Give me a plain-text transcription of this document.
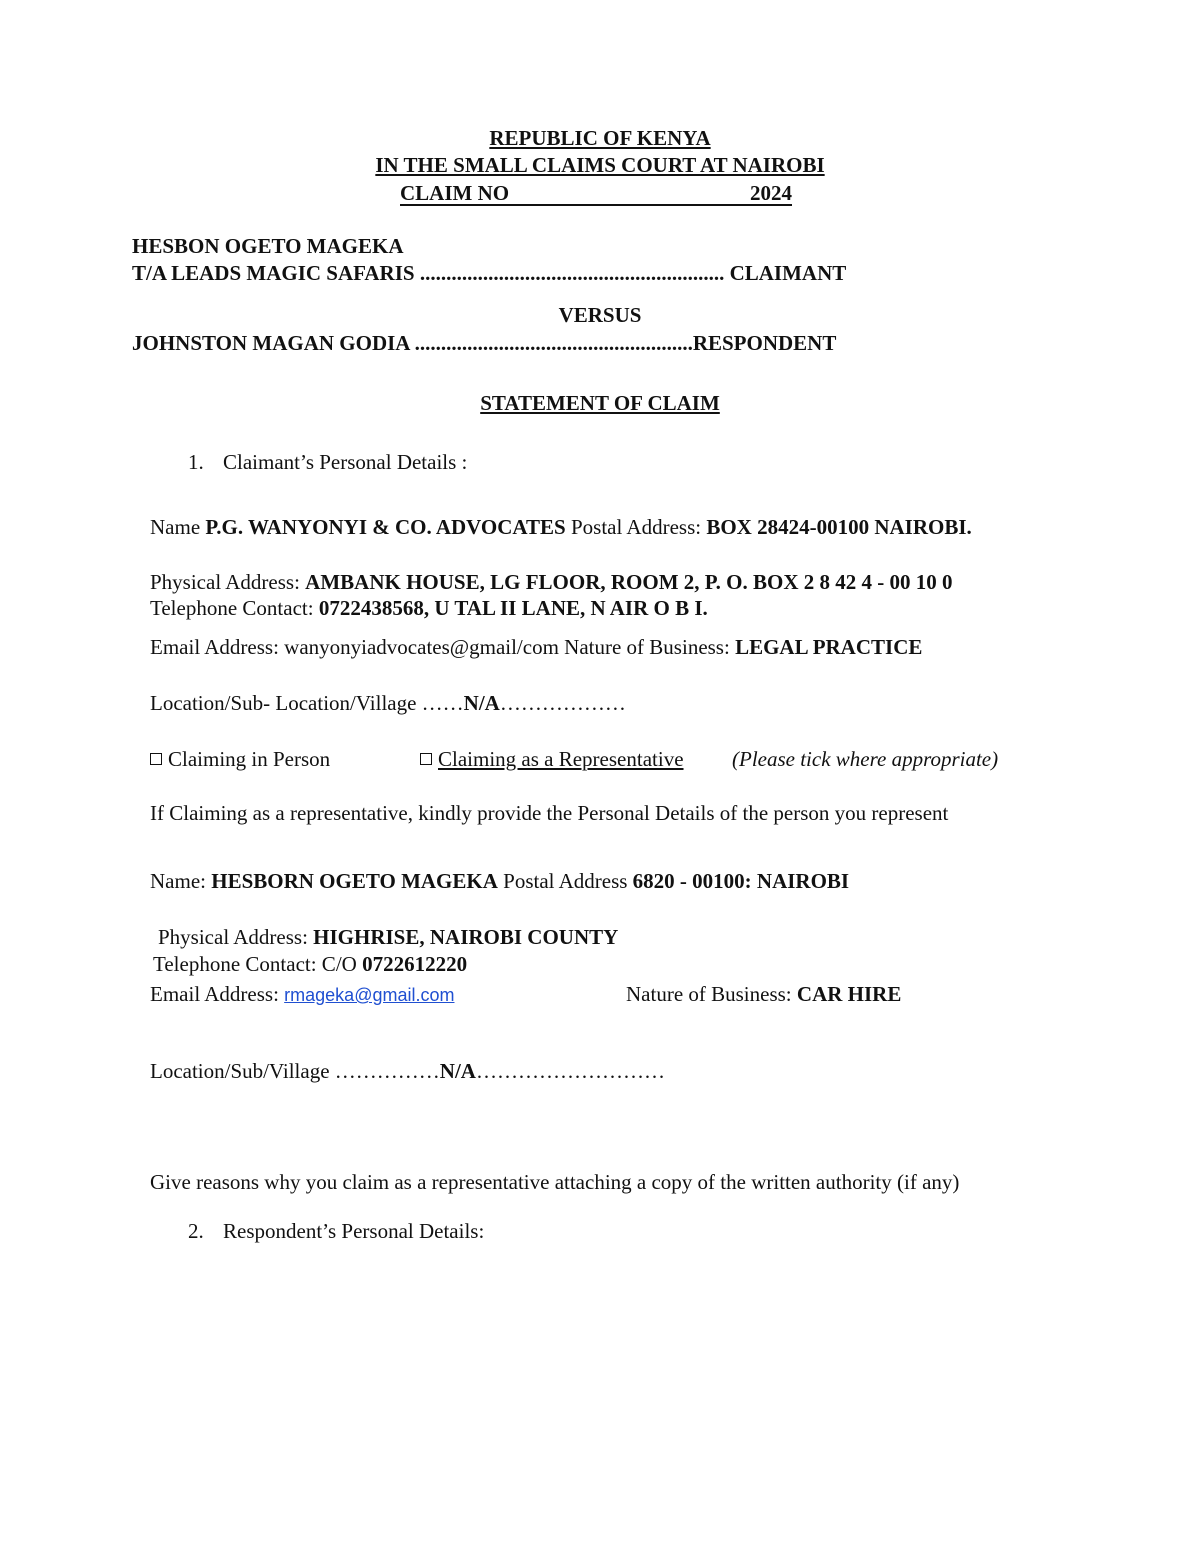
REPUBLIC OF KENYA
IN THE SMALL CLAIMS COURT AT NAIROBI
CLAIM NO	2024
HESBON OGETO MAGEKA
T/A LEADS MAGIC SAFARIS .......................................................... CLAIMANT
VERSUS
JOHNSTON MAGAN GODIA .....................................................RESPONDENT
STATEMENT OF CLAIM
1. Claimant’s Personal Details :
Name P.G. WANYONYI & CO. ADVOCATES Postal Address: BOX 28424-00100 NAIROBI.
Physical Address: AMBANK HOUSE, LG FLOOR, ROOM 2, P. O. BOX 2 8 42 4 - 00 10 0
Telephone Contact: 0722438568, U TAL II LANE, N AIR O B I.
Email Address: wanyonyiadvocates@gmail/com Nature of Business: LEGAL PRACTICE
Location/Sub- Location/Village ……N/A………………
Claiming in Person	Claiming as a Representative (Please tick where appropriate)
If Claiming as a representative, kindly provide the Personal Details of the person you represent
Name: HESBORN OGETO MAGEKA Postal Address 6820 - 00100: NAIROBI
Physical Address: HIGHRISE, NAIROBI COUNTY
Telephone Contact: C/O 0722612220
Email Address: rmageka@gmail.com	Nature of Business: CAR HIRE
Location/Sub/Village ……………N/A………………………
Give reasons why you claim as a representative attaching a copy of the written authority (if any)
2. Respondent’s Personal Details:
